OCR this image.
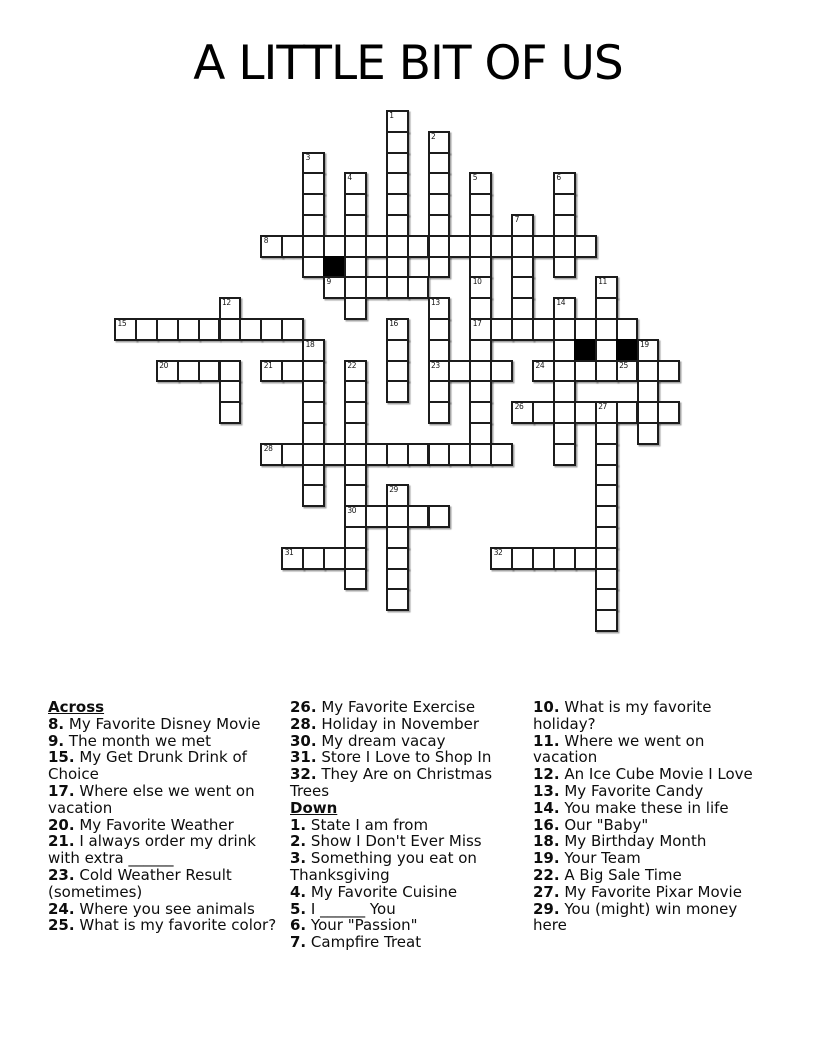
A LITTLE BIT OF US
1
2
3
4	5	6
7
8
9	10	11
12	13	14
15	16	17
18	19
20	21	22	23	24	25
26	27
28
29
30
31	32
Across
8. My Favorite Disney Movie
9. The month we met
15. My Get Drunk Drink of Choice
17. Where else we went on vacation
20. My Favorite Weather
21. I always order my drink with extra ______
23. Cold Weather Result (sometimes)
24. Where you see animals
25. What is my favorite color?
26. My Favorite Exercise
28. Holiday in November
30. My dream vacay
31. Store I Love to Shop In
32. They Are on Christmas Trees
Down
1. State I am from
2. Show I Don't Ever Miss
3. Something you eat on Thanksgiving
4. My Favorite Cuisine
5. I ______ You
6. Your "Passion"
7. Campfire Treat
10. What is my favorite holiday?
11. Where we went on vacation
12. An Ice Cube Movie I Love
13. My Favorite Candy
14. You make these in life
16. Our "Baby"
18. My Birthday Month
19. Your Team
22. A Big Sale Time
27. My Favorite Pixar Movie
29. You (might) win money here
